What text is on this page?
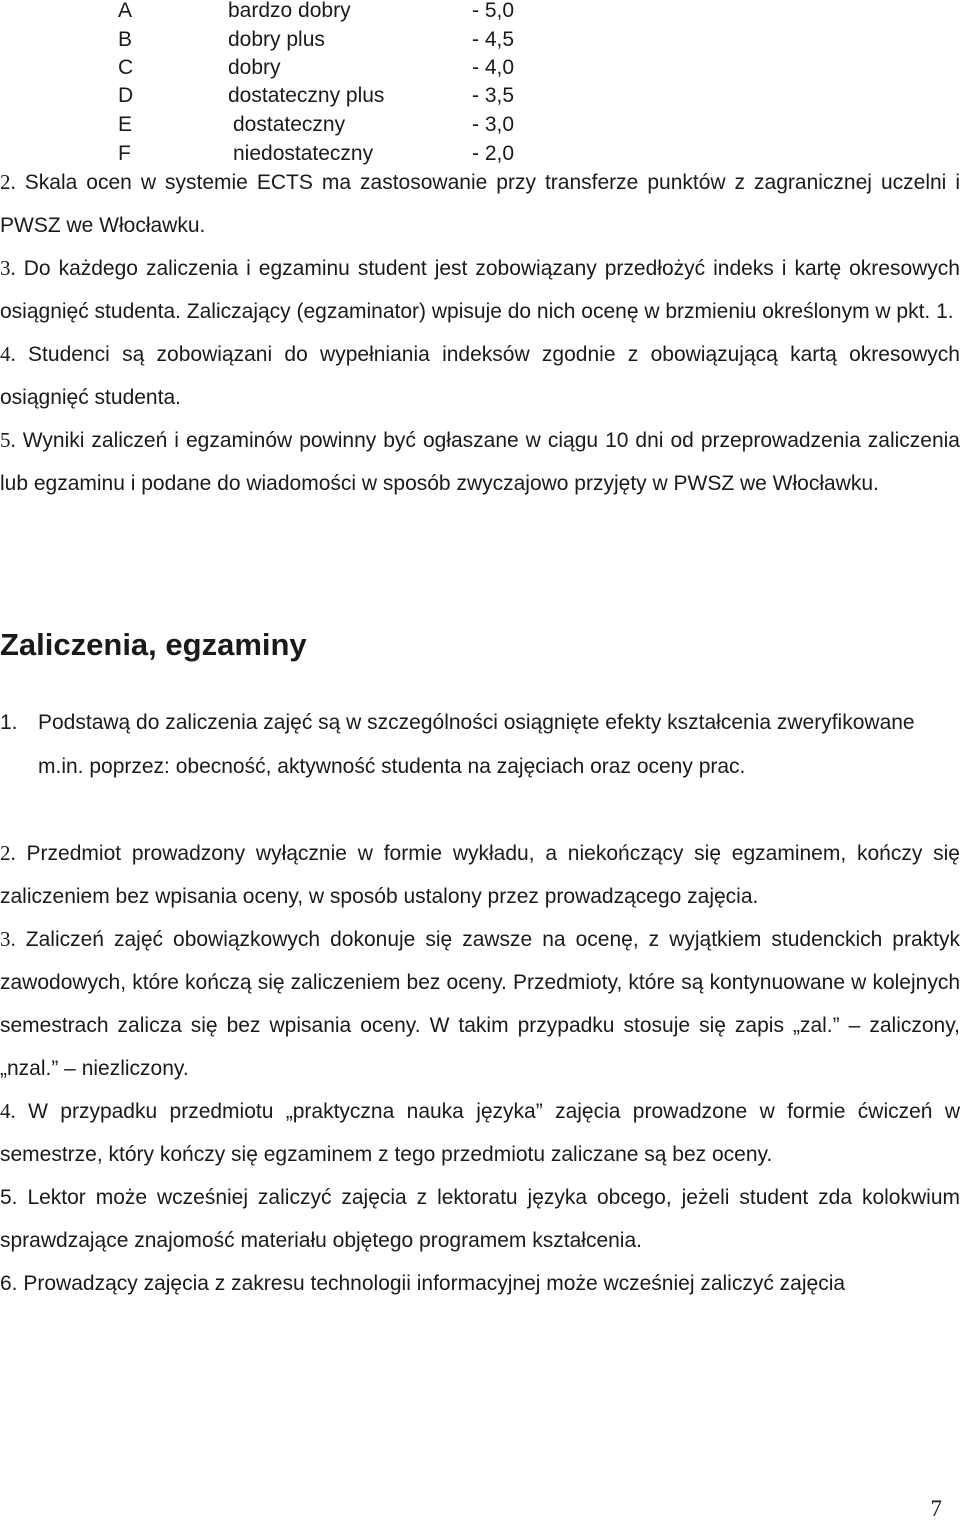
A	bardzo dobry	- 5,0
B	dobry plus	- 4,5
C	dobry	- 4,0
D	dostateczny plus	- 3,5
E	dostateczny	- 3,0
F	niedostateczny	- 2,0

2. Skala ocen w systemie ECTS ma zastosowanie przy transferze punktów z zagranicznej uczelni i PWSZ we Włocławku.

3. Do każdego zaliczenia i egzaminu student jest zobowiązany przedłożyć indeks i kartę okresowych osiągnięć studenta. Zaliczający (egzaminator) wpisuje do nich ocenę w brzmieniu określonym w pkt. 1.

4. Studenci są zobowiązani do wypełniania indeksów zgodnie z obowiązującą kartą okresowych osiągnięć studenta.

5. Wyniki zaliczeń i egzaminów powinny być ogłaszane w ciągu 10 dni od przeprowadzenia zaliczenia lub egzaminu i podane do wiadomości w sposób zwyczajowo przyjęty w PWSZ we Włocławku.

Zaliczenia, egzaminy

1. Podstawą do zaliczenia zajęć są w szczególności osiągnięte efekty kształcenia zweryfikowane m.in. poprzez: obecność, aktywność studenta na zajęciach oraz oceny prac.

2. Przedmiot prowadzony wyłącznie w formie wykładu, a niekończący się egzaminem, kończy się zaliczeniem bez wpisania oceny, w sposób ustalony przez prowadzącego zajęcia.

3. Zaliczeń zajęć obowiązkowych dokonuje się zawsze na ocenę, z wyjątkiem studenckich praktyk zawodowych, które kończą się zaliczeniem bez oceny. Przedmioty, które są kontynuowane w kolejnych semestrach zalicza się bez wpisania oceny. W takim przypadku stosuje się zapis „zal.” – zaliczony, „nzal.” – niezliczony.

4. W przypadku przedmiotu „praktyczna nauka języka” zajęcia prowadzone w formie ćwiczeń w semestrze, który kończy się egzaminem z tego przedmiotu zaliczane są bez oceny.

5. Lektor może wcześniej zaliczyć zajęcia z lektoratu języka obcego, jeżeli student zda kolokwium sprawdzające znajomość materiału objętego programem kształcenia.

6. Prowadzący zajęcia z zakresu technologii informacyjnej może wcześniej zaliczyć zajęcia

7
